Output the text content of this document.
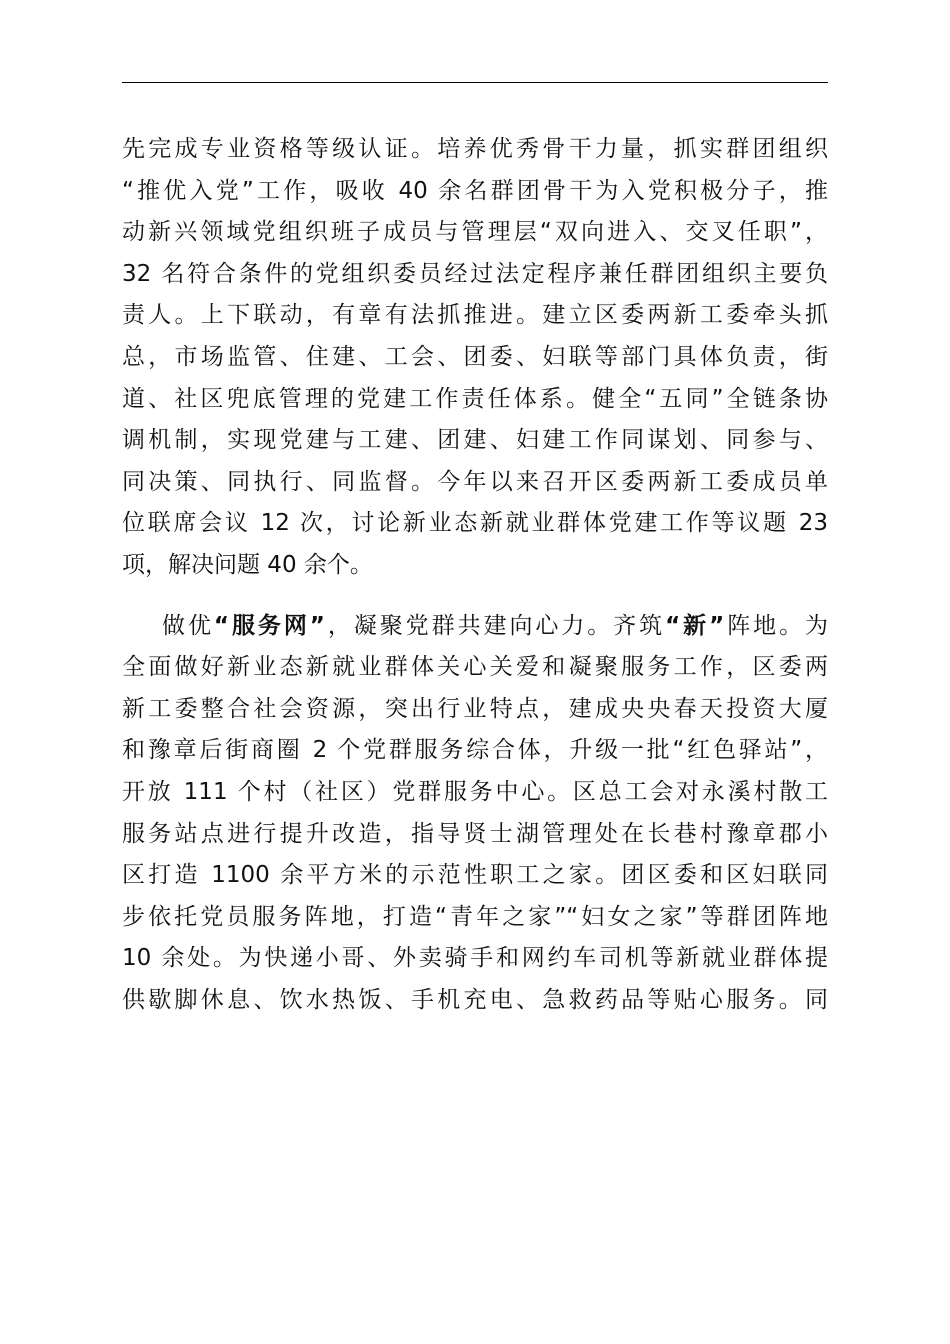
先完成专业资格等级认证。培养优秀骨干力量，抓实群团组织
“推优入党”工作，吸收 40 余名群团骨干为入党积极分子，推
动新兴领域党组织班子成员与管理层“双向进入、交叉任职”，
32 名符合条件的党组织委员经过法定程序兼任群团组织主要负
责人。上下联动，有章有法抓推进。建立区委两新工委牵头抓
总，市场监管、住建、工会、团委、妇联等部门具体负责，街
道、社区兜底管理的党建工作责任体系。健全“五同”全链条协
调机制，实现党建与工建、团建、妇建工作同谋划、同参与、
同决策、同执行、同监督。今年以来召开区委两新工委成员单
位联席会议 12 次，讨论新业态新就业群体党建工作等议题 23
项，解决问题 40 余个。

做优“服务网”，凝聚党群共建向心力。齐筑“新”阵地。为
全面做好新业态新就业群体关心关爱和凝聚服务工作，区委两
新工委整合社会资源，突出行业特点，建成央央春天投资大厦
和豫章后街商圈 2 个党群服务综合体，升级一批“红色驿站”，
开放 111 个村（社区）党群服务中心。区总工会对永溪村散工
服务站点进行提升改造，指导贤士湖管理处在长巷村豫章郡小
区打造 1100 余平方米的示范性职工之家。团区委和区妇联同
步依托党员服务阵地，打造“青年之家”“妇女之家”等群团阵地
10 余处。为快递小哥、外卖骑手和网约车司机等新就业群体提
供歇脚休息、饮水热饭、手机充电、急救药品等贴心服务。同
